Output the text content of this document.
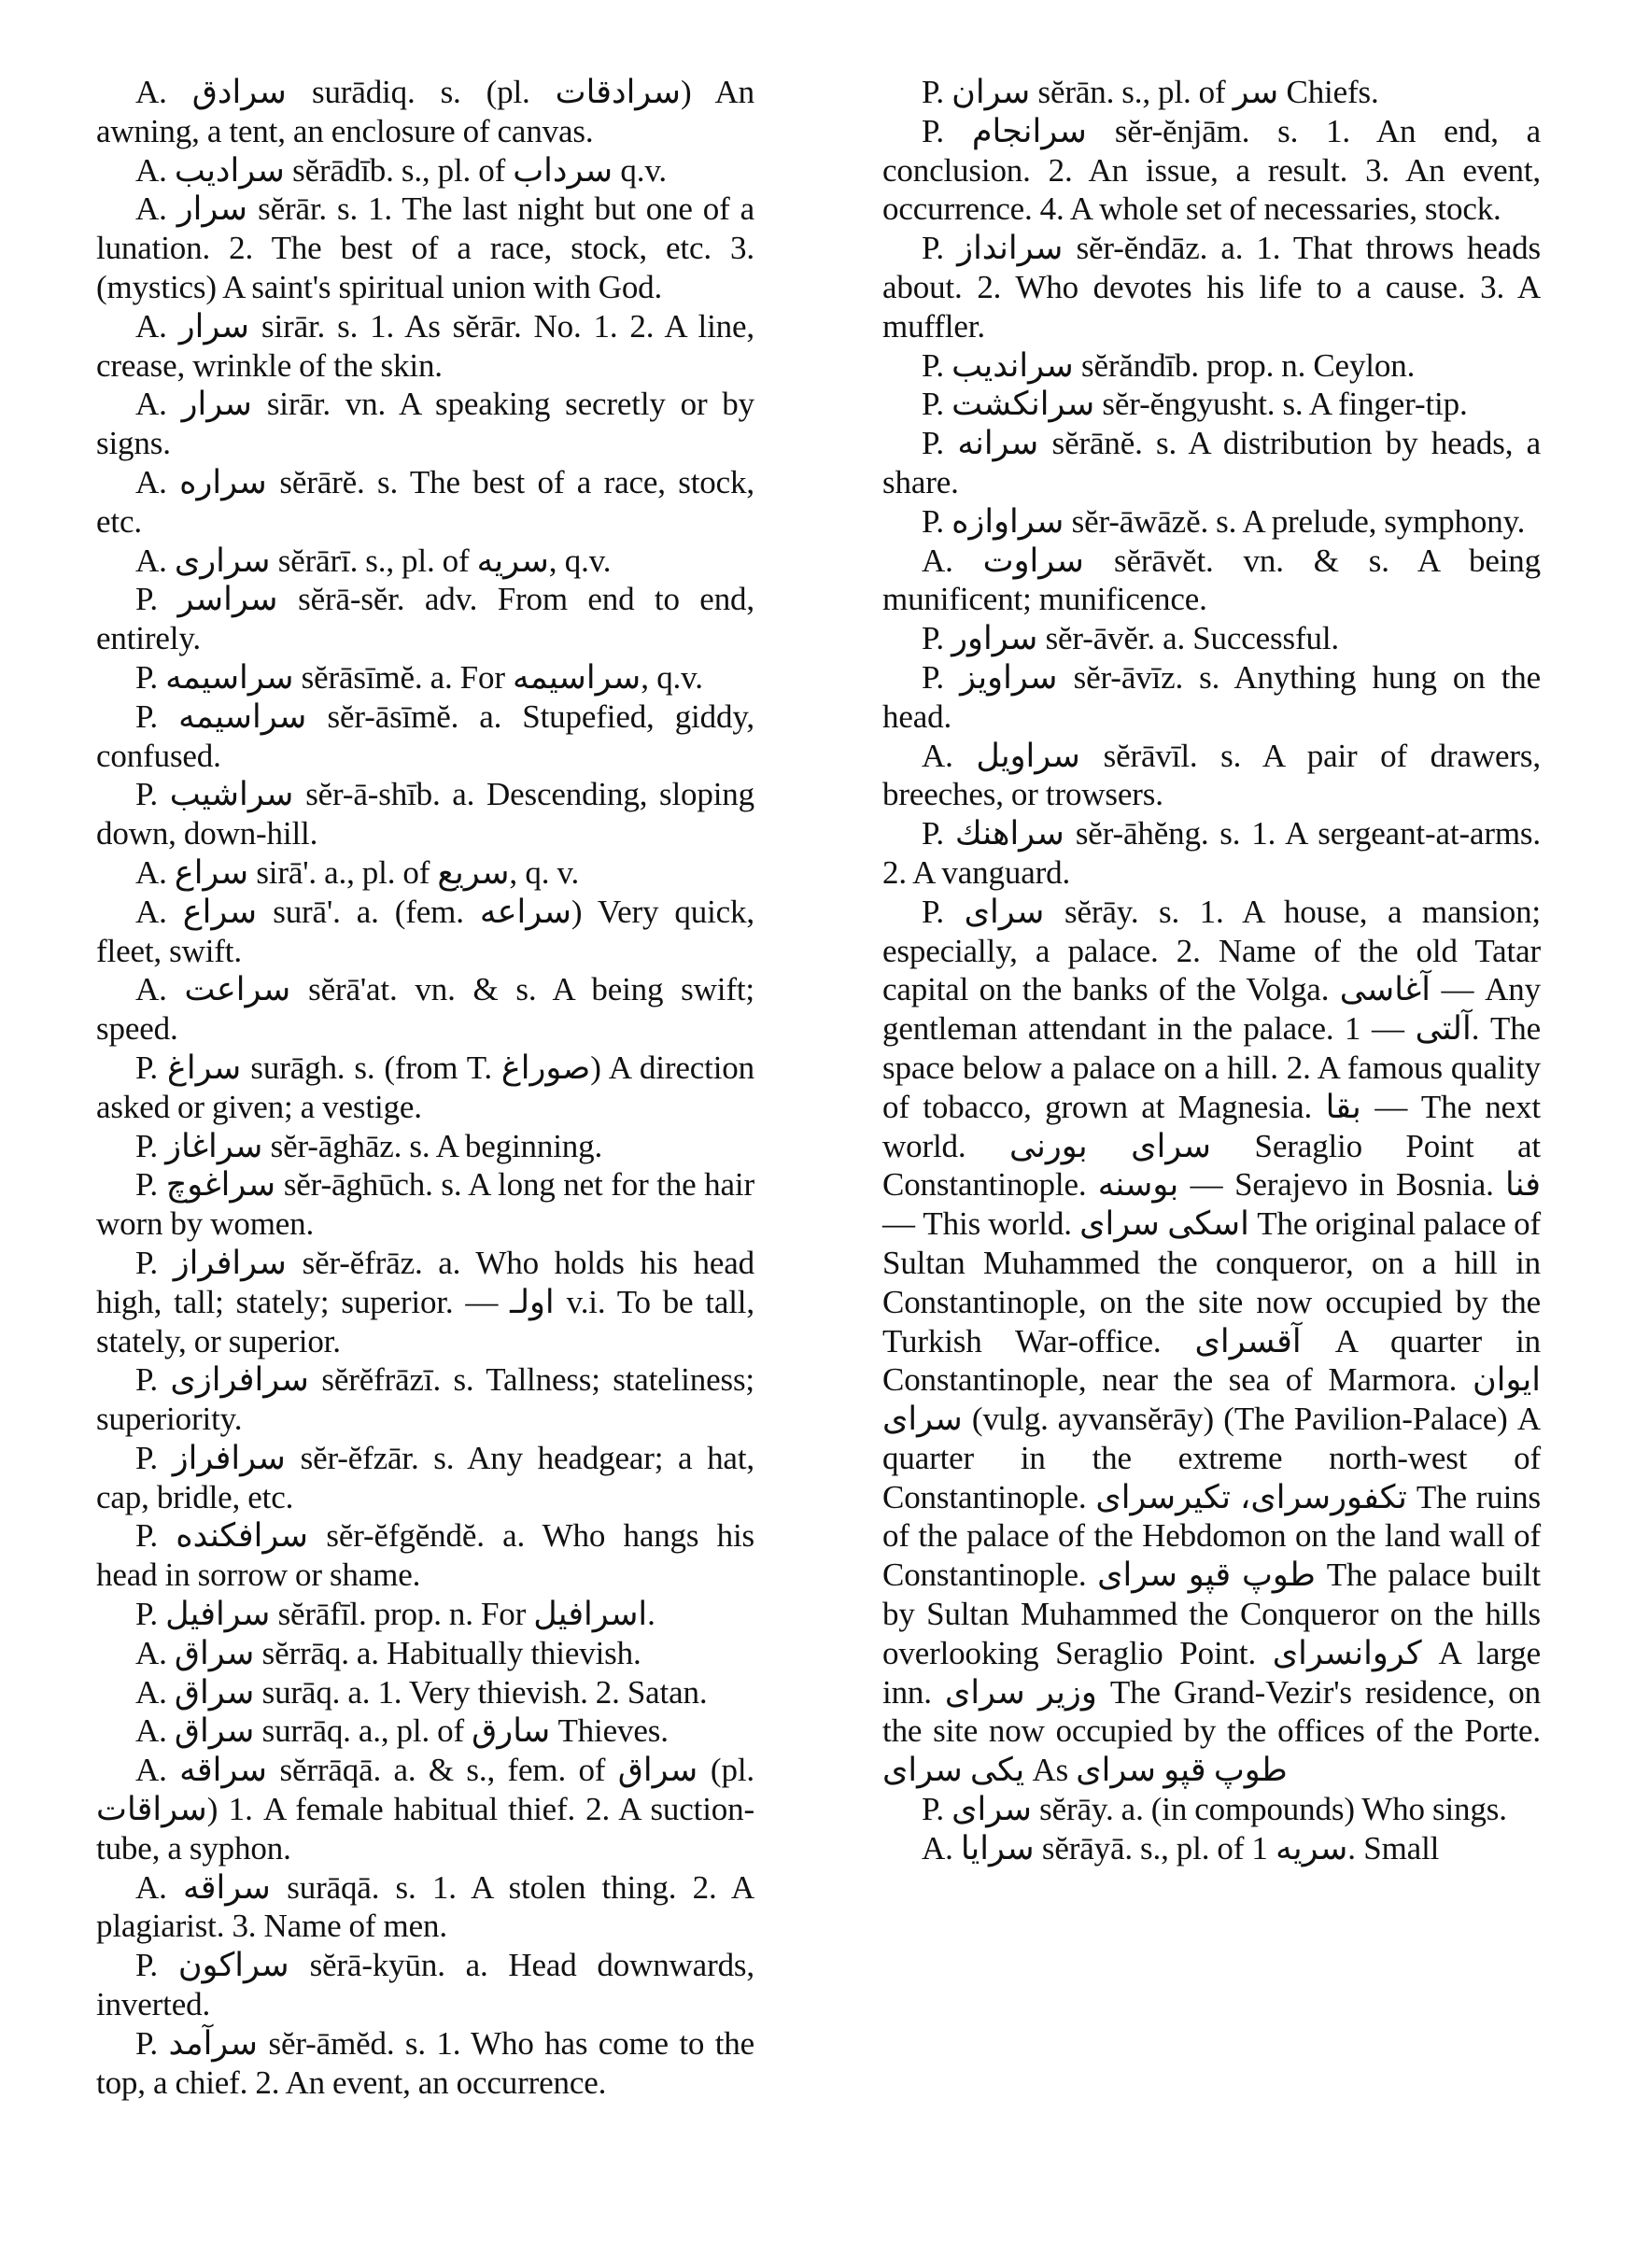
A. سرادق surādiq. s. (pl. سرادقات) An awning, a tent, an enclosure of canvas.

A. سراديب sĕrādīb. s., pl. of سرداب q.v.

A. سرار sĕrār. s. 1. The last night but one of a lunation. 2. The best of a race, stock, etc. 3. (mystics) A saint's spiritual union with God.

A. سرار sirār. s. 1. As sĕrār. No. 1. 2. A line, crease, wrinkle of the skin.

A. سرار sirār. vn. A speaking secretly or by signs.

A. سراره sĕrārĕ. s. The best of a race, stock, etc.

A. سراری sĕrārī. s., pl. of سریه, q.v.

P. سراسر sĕrā-sĕr. adv. From end to end, entirely.

P. سراسیمه sĕrāsīmĕ. a. For سراسیمه, q.v.

P. سراسیمه sĕr-āsīmĕ. a. Stupefied, giddy, confused.

P. سراشیب sĕr-ā-shīb. a. Descending, sloping down, down-hill.

A. سراع sirā'. a., pl. of سریع, q. v.

A. سراع surā'. a. (fem. سراعه) Very quick, fleet, swift.

A. سراعت sĕrā'at. vn. & s. A being swift; speed.

P. سراغ surāgh. s. (from T. صوراغ) A direction asked or given; a vestige.

P. سراغاز sĕr-āghāz. s. A beginning.

P. سراغوچ sĕr-āghūch. s. A long net for the hair worn by women.

P. سرافراز sĕr-ĕfrāz. a. Who holds his head high, tall; stately; superior. — اولـ v.i. To be tall, stately, or superior.

P. سرافرازی sĕrĕfrāzī. s. Tallness; stateliness; superiority.

P. سرافراز sĕr-ĕfzār. s. Any headgear; a hat, cap, bridle, etc.

P. سرافکنده sĕr-ĕfgĕndĕ. a. Who hangs his head in sorrow or shame.

P. سرافیل sĕrāfīl. prop. n. For اسرافیل.

A. سراق sĕrrāq. a. Habitually thievish.

A. سراق surāq. a. 1. Very thievish. 2. Satan.

A. سراق surrāq. a., pl. of سارق Thieves.

A. سراقه sĕrrāqā. a. & s., fem. of سراق (pl. سراقات) 1. A female habitual thief. 2. A suction-tube, a syphon.

A. سراقه surāqā. s. 1. A stolen thing. 2. A plagiarist. 3. Name of men.

P. سراکون sĕrā-kyūn. a. Head downwards, inverted.

P. سرآمد sĕr-āmĕd. s. 1. Who has come to the top, a chief. 2. An event, an occurrence.

P. سران sĕrān. s., pl. of سر Chiefs.

P. سرانجام sĕr-ĕnjām. s. 1. An end, a conclusion. 2. An issue, a result. 3. An event, occurrence. 4. A whole set of necessaries, stock.

P. سرانداز sĕr-ĕndāz. a. 1. That throws heads about. 2. Who devotes his life to a cause. 3. A muffler.

P. سرانديب sĕrăndīb. prop. n. Ceylon.

P. سرانکشت sĕr-ĕngyusht. s. A finger-tip.

P. سرانه sĕrānĕ. s. A distribution by heads, a share.

P. سراوازه sĕr-āwāzĕ. s. A prelude, symphony.

A. سراوت sĕrāvĕt. vn. & s. A being munificent; munificence.

P. سراور sĕr-āvĕr. a. Successful.

P. سراويز sĕr-āvīz. s. Anything hung on the head.

A. سراويل sĕrāvīl. s. A pair of drawers, breeches, or trowsers.

P. سراهنك sĕr-āhĕng. s. 1. A sergeant-at-arms. 2. A vanguard.

P. سرای sĕrāy. s. 1. A house, a mansion; especially, a palace. 2. Name of the old Tatar capital on the banks of the Volga. آغاسی — Any gentleman attendant in the palace. آلتی — 1. The space below a palace on a hill. 2. A famous quality of tobacco, grown at Magnesia. بقا — The next world. سرای بورنی Seraglio Point at Constantinople. بوسنه — Serajevo in Bosnia. فنا — This world. اسکی سرای The original palace of Sultan Muhammed the conqueror, on a hill in Constantinople, on the site now occupied by the Turkish War-office. آقسرای A quarter in Constantinople, near the sea of Marmora. ایوان سرای (vulg. ayvansĕrāy) (The Pavilion-Palace) A quarter in the extreme north-west of Constantinople. تکفورسرای، تکیرسرای The ruins of the palace of the Hebdomon on the land wall of Constantinople. طوپ قپو سرای The palace built by Sultan Muhammed the Conqueror on the hills overlooking Seraglio Point. کروانسرای A large inn. وزیر سرای The Grand-Vezir's residence, on the site now occupied by the offices of the Porte. یکی سرای As طوپ قپو سرای

P. سرای sĕrāy. a. (in compounds) Who sings.

A. سرایا sĕrāyā. s., pl. of سریه 1. Small
